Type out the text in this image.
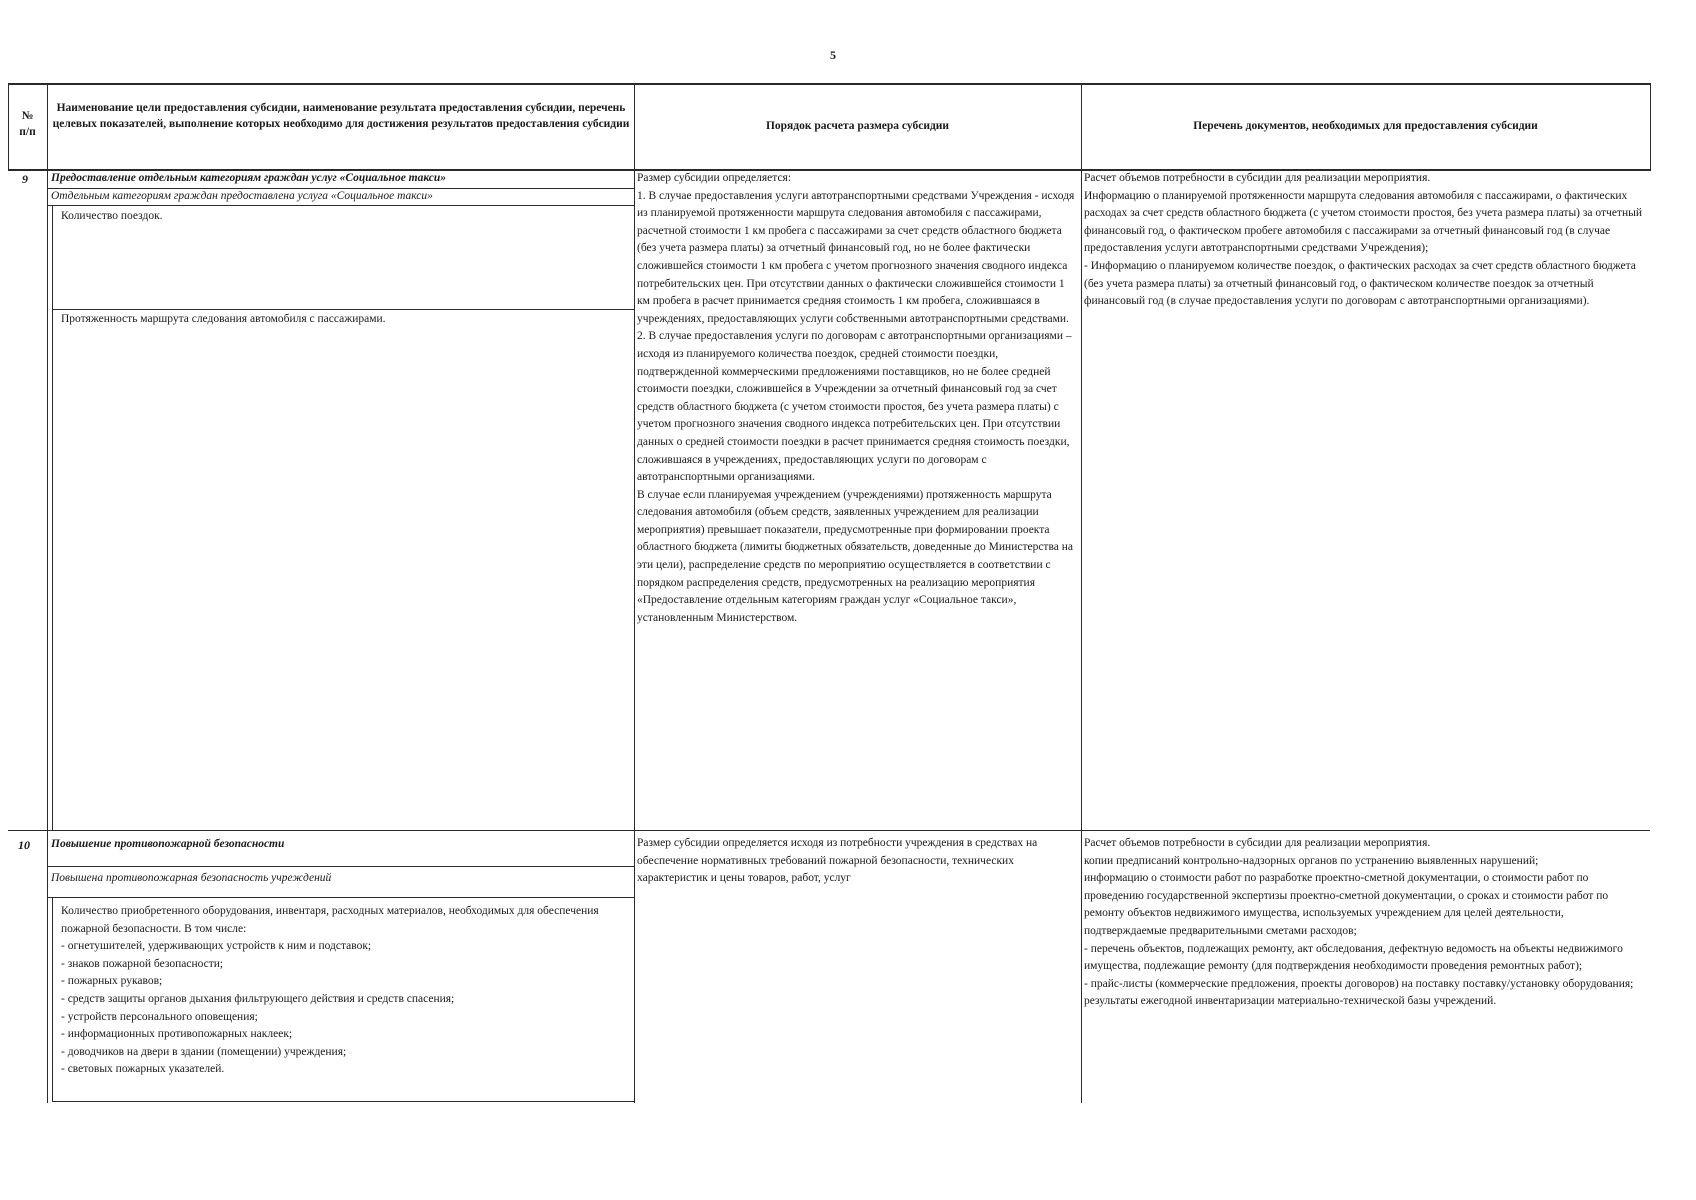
5
№
п/п
Наименование цели предоставления субсидии, наименование результата предоставления субсидии, перечень целевых показателей, выполнение которых необходимо для достижения результатов предоставления субсидии	Порядок расчета размера субсидии	Перечень документов, необходимых для предоставления субсидии
9 Предоставление отдельным категориям граждан услуг «Социальное такси»
Отдельным категориям граждан предоставлена услуга «Социальное такси»
Количество поездок.
Протяженность маршрута следования автомобиля с пассажирами.
Размер субсидии определяется:
1. В случае предоставления услуги автотранспортными средствами Учреждения - исходя из планируемой протяженности маршрута следования автомобиля с пассажирами, расчетной стоимости 1 км пробега с пассажирами за счет средств областного бюджета (без учета размера платы) за отчетный финансовый год, но не более фактически сложившейся стоимости 1 км пробега с учетом прогнозного значения сводного индекса потребительских цен. При отсутствии данных о фактически сложившейся стоимости 1 км пробега в расчет принимается средняя стоимость 1 км пробега, сложившаяся в учреждениях, предоставляющих услуги собственными автотранспортными средствами.
2. В случае предоставления услуги по договорам с автотранспортными организациями – исходя из планируемого количества поездок, средней стоимости поездки, подтвержденной коммерческими предложениями поставщиков, но не более средней стоимости поездки, сложившейся в Учреждении за отчетный финансовый год за счет средств областного бюджета (с учетом стоимости простоя, без учета размера платы) с учетом прогнозного значения сводного индекса потребительских цен. При отсутствии данных о средней стоимости поездки в расчет принимается средняя стоимость поездки, сложившаяся в учреждениях, предоставляющих услуги по договорам с автотранспортными организациями.
В случае если планируемая учреждением (учреждениями) протяженность маршрута следования автомобиля (объем средств, заявленных учреждением для реализации мероприятия) превышает показатели, предусмотренные при формировании проекта областного бюджета (лимиты бюджетных обязательств, доведенные до Министерства на эти цели), распределение средств по мероприятию осуществляется в соответствии с порядком распределения средств, предусмотренных на реализацию мероприятия «Предоставление отдельным категориям граждан услуг «Социальное такси», установленным Министерством.
Расчет объемов потребности в субсидии для реализации мероприятия.
Информацию о планируемой протяженности маршрута следования автомобиля с пассажирами, о фактических расходах за счет средств областного бюджета (с учетом стоимости простоя, без учета размера платы) за отчетный финансовый год, о фактическом пробеге автомобиля с пассажирами за отчетный финансовый год (в случае предоставления услуги автотранспортными средствами Учреждения);
- Информацию о планируемом количестве поездок, о фактических расходах за счет средств областного бюджета (без учета размера платы) за отчетный финансовый год, о фактическом количестве поездок за отчетный финансовый год (в случае предоставления услуги по договорам с автотранспортными организациями).
10 Повышение противопожарной безопасности
Повышена противопожарная безопасность учреждений
Количество приобретенного оборудования, инвентаря, расходных материалов, необходимых для обеспечения пожарной безопасности. В том числе:
- огнетушителей, удерживающих устройств к ним и подставок;
- знаков пожарной безопасности;
- пожарных рукавов;
- средств защиты органов дыхания фильтрующего действия и средств спасения;
- устройств персонального оповещения;
- информационных противопожарных наклеек;
- доводчиков на двери в здании (помещении) учреждения;
- световых пожарных указателей.
Размер субсидии определяется исходя из потребности учреждения в средствах на обеспечение нормативных требований пожарной безопасности, технических характеристик и цены товаров, работ, услуг
Расчет объемов потребности в субсидии для реализации мероприятия.
копии предписаний контрольно-надзорных органов по устранению выявленных нарушений;
информацию о стоимости работ по разработке проектно-сметной документации, о стоимости работ по проведению государственной экспертизы проектно-сметной документации, о сроках и стоимости работ по ремонту объектов недвижимого имущества, используемых учреждением для целей деятельности, подтверждаемые предварительными сметами расходов;
- перечень объектов, подлежащих ремонту, акт обследования, дефектную ведомость на объекты недвижимого имущества, подлежащие ремонту (для подтверждения необходимости проведения ремонтных работ);
- прайс-листы (коммерческие предложения, проекты договоров) на поставку поставку/установку оборудования;
результаты ежегодной инвентаризации материально-технической базы учреждений.
